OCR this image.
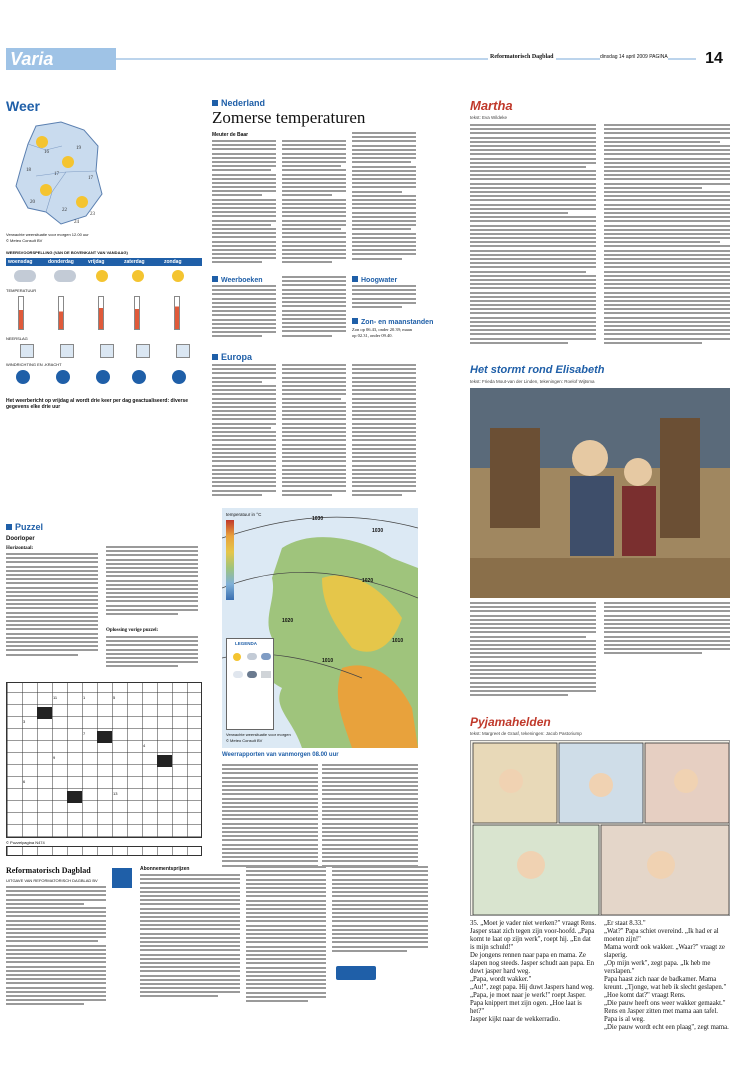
Varia	Reformatorisch Dagblad	dinsdag 14 april 2009 PAGINA	14
Weer
16
19
18
17
17
20
22
23
24
Verwachte weersituatie voor morgen 12.00 uur
© Meteo Consult BV
WEERSVOORSPELLING (VAN DE BOVENKANT VAN VANDAAG)
woensdag	donderdag	vrijdag	zaterdag	zondag
TEMPERATUUR
NEERSLAG
WINDRICHTING EN -KRACHT
Het weerbericht op vrijdag al wordt drie keer per dag geactualiseerd: diverse gegevens elke drie uur
Nederland
Zomerse temperaturen
Meuter de Baar
Weerboeken	Hoogwater
Zon- en maanstanden
Zon op 06.43, onder 20.39; maan op 02.31, onder 09.40.
Europa
temperatuur in °C
1030
1030
1020
1010
1020
1010
LEGENDA
Verwachte weersituatie voor morgen
© Meteo Consult BV
Weerrapporten van vanmorgen 08.00 uur
Puzzel
Doorloper
Horizontaal:
Oplossing vorige puzzel:
11	1	5
3
7
4
9
6
13
© Puzzelpagina N474
Reformatorisch Dagblad
UITGAVE VAN REFORMATORISCH DAGBLAD BV
Abonnementsprijzen
Martha
tekst: Eva Wildeke
Het stormt rond Elisabeth
tekst: Frieda Mout-van der Linden, tekeningen: Roelof Wijtsma
Pyjamahelden
tekst: Margreet de Graaf, tekeningen: Jacob Pastoriump

35. „Moet je vader niet werken?" vraagt Rens.

Jasper staat zich tegen zijn voor-hoofd. „Papa komt te laat op zijn werk", roept hij. „En dat is mijn schuld!"

De jongens rennen naar papa en mama. Ze slapen nog steeds. Jasper schudt aan papa. En duwt jasper hard weg.

„Papa, wordt wakker."

„Au!", zegt papa. Hij duwt Jaspers hand weg.

„Papa, je moet naar je werk!" roept Jasper.

Papa knippert met zijn ogen. „Hoe laat is het?"

Jasper kijkt naar de wekkerradio.

„Er staat 8.33."

„Wat?" Papa schiet overeind. „Ik had er al moeten zijn!"

Mama wordt ook wakker. „Waar?" vraagt ze slaperig.

„Op mijn werk", zegt papa. „Ik heb me verslapen."

Papa haast zich naar de badkamer. Mama kreunt. „Tjonge, wat heb ik slecht geslapen."

„Hoe komt dat?" vraagt Rens.

„Die pauw heeft ons weer wakker gemaakt."

Rens en Jasper zitten met mama aan tafel.

Papa is al weg.

„Die pauw wordt echt een plaag", zegt mama.
